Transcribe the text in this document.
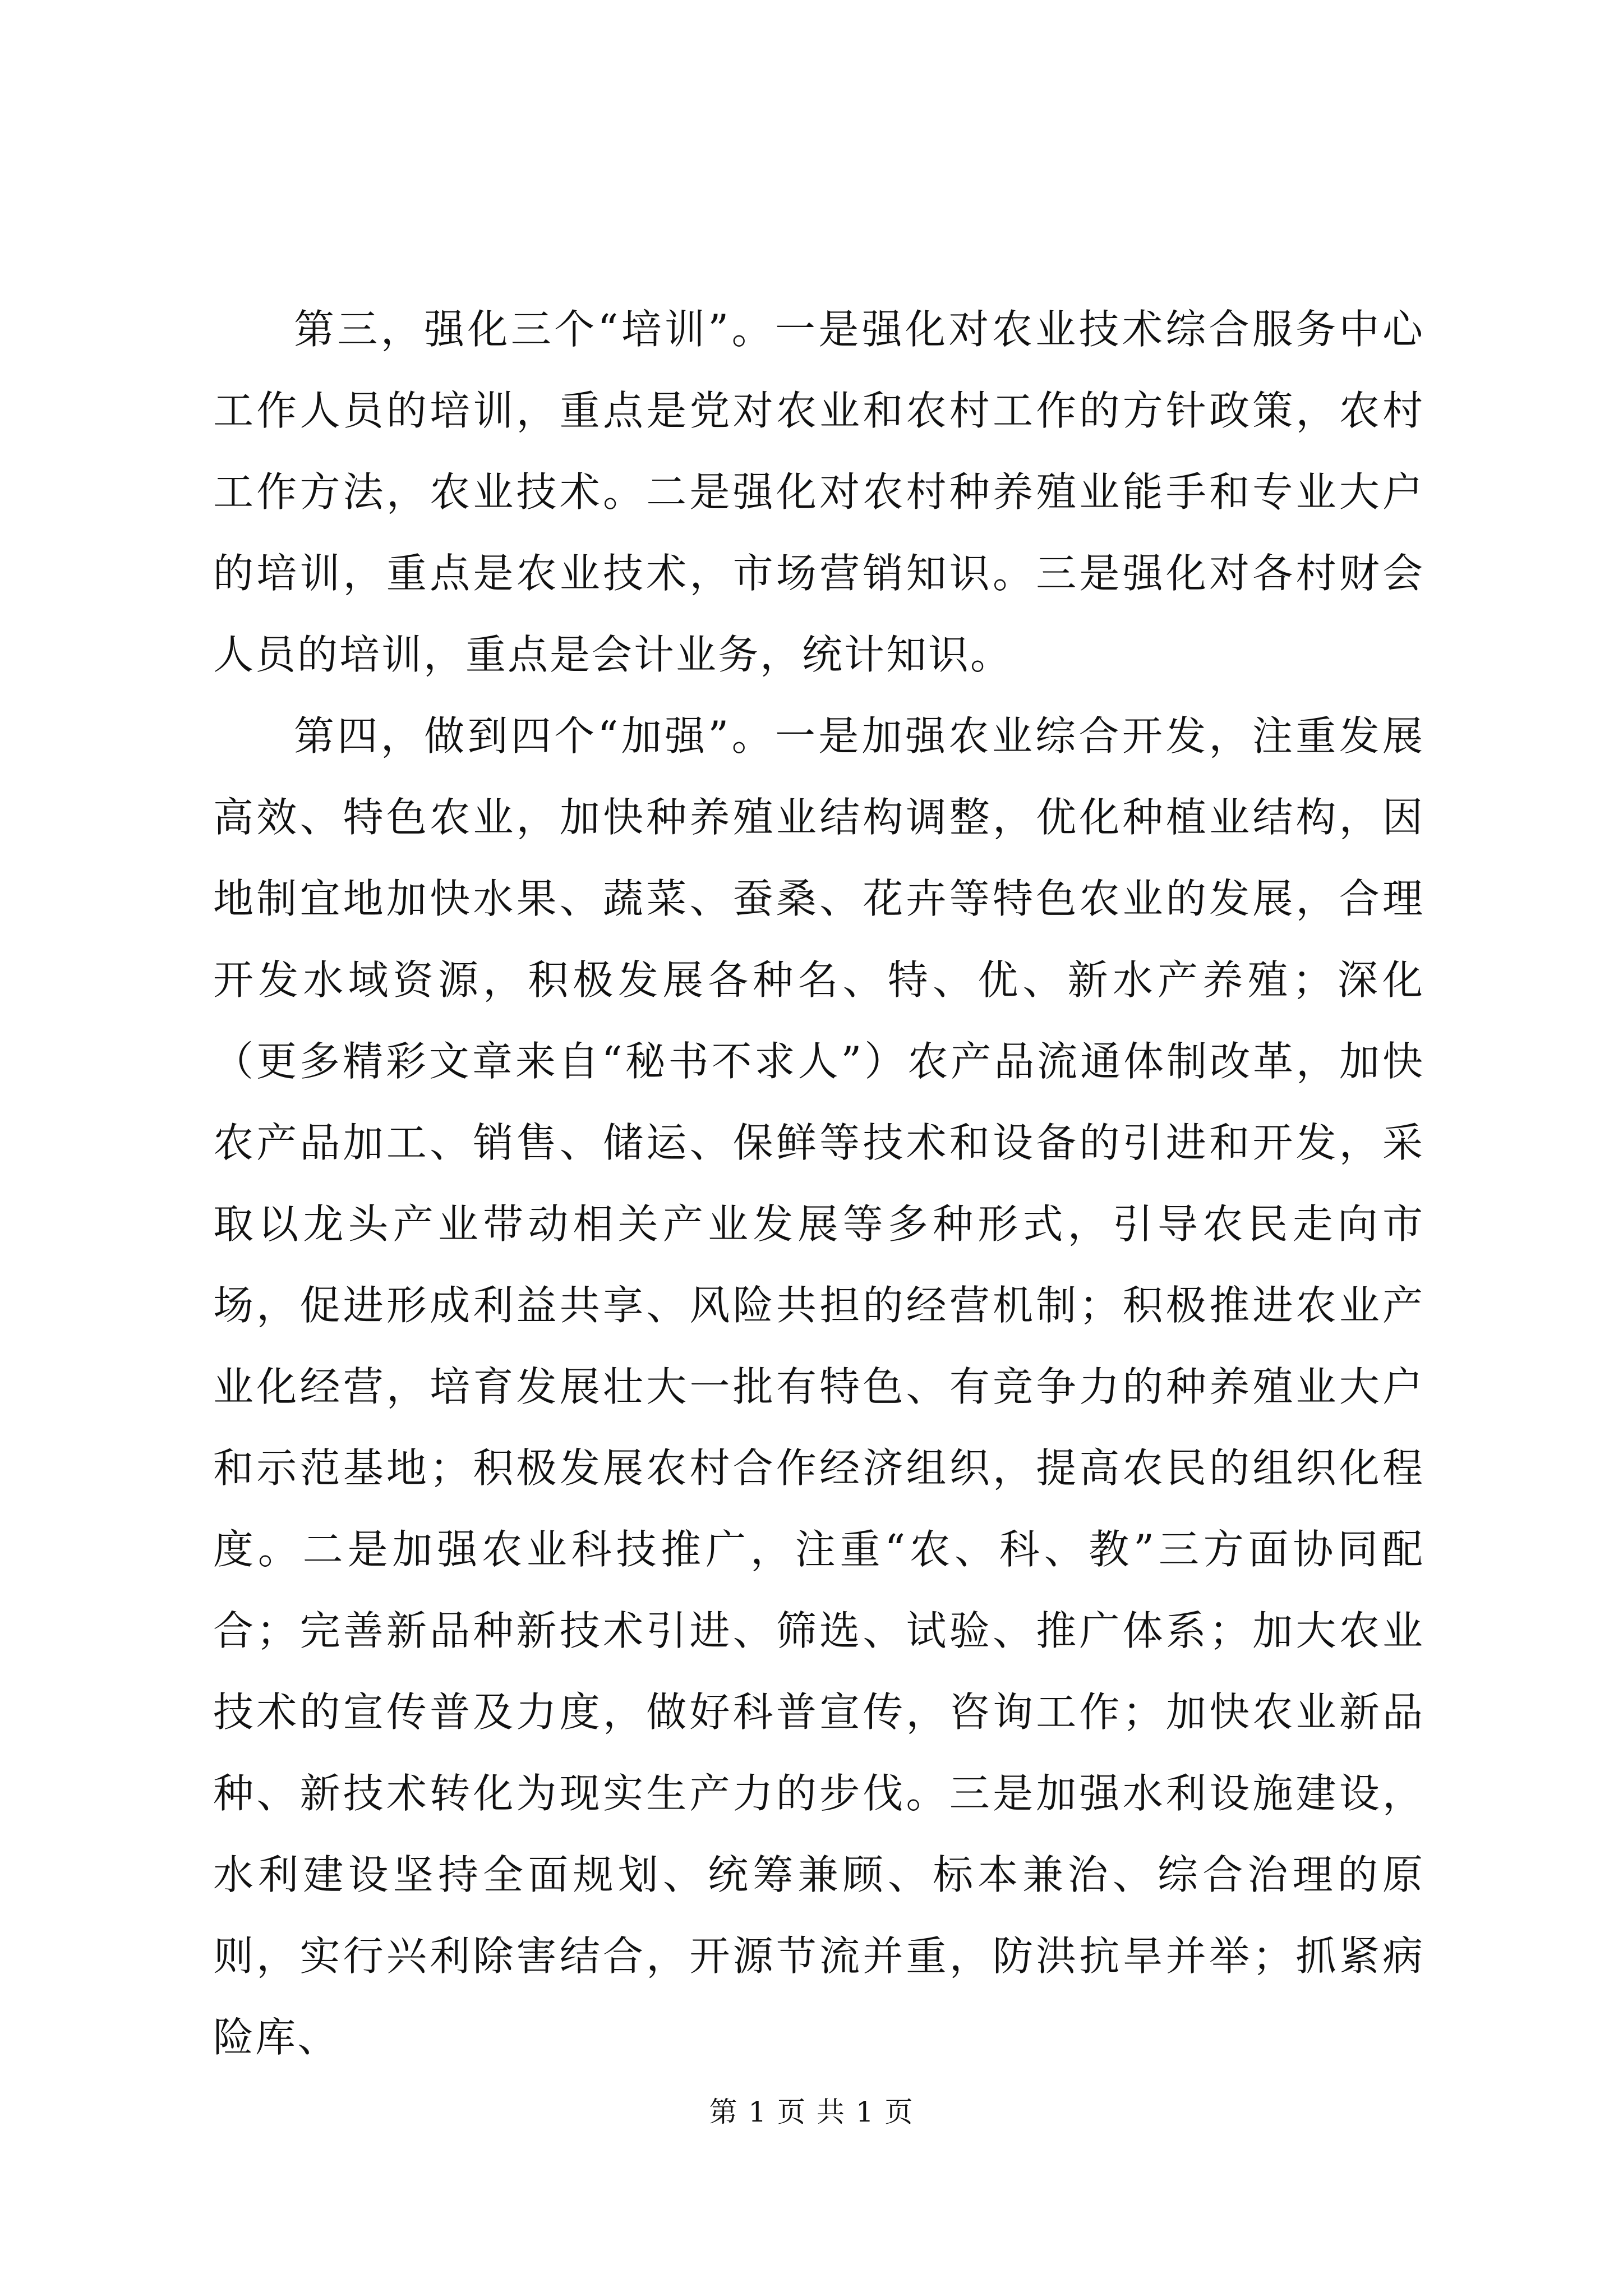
第三，强化三个“培训”。一是强化对农业技术综合服务中心工作人员的培训，重点是党对农业和农村工作的方针政策，农村工作方法，农业技术。二是强化对农村种养殖业能手和专业大户的培训，重点是农业技术，市场营销知识。三是强化对各村财会人员的培训，重点是会计业务，统计知识。

第四，做到四个“加强”。一是加强农业综合开发，注重发展高效、特色农业，加快种养殖业结构调整，优化种植业结构，因地制宜地加快水果、蔬菜、蚕桑、花卉等特色农业的发展，合理开发水域资源，积极发展各种名、特、优、新水产养殖；深化（更多精彩文章来自“秘书不求人”）农产品流通体制改革，加快农产品加工、销售、储运、保鲜等技术和设备的引进和开发，采取以龙头产业带动相关产业发展等多种形式，引导农民走向市场，促进形成利益共享、风险共担的经营机制；积极推进农业产业化经营，培育发展壮大一批有特色、有竞争力的种养殖业大户和示范基地；积极发展农村合作经济组织，提高农民的组织化程度。二是加强农业科技推广，注重“农、科、教”三方面协同配合；完善新品种新技术引进、筛选、试验、推广体系；加大农业技术的宣传普及力度，做好科普宣传，咨询工作；加快农业新品种、新技术转化为现实生产力的步伐。三是加强水利设施建设，水利建设坚持全面规划、统筹兼顾、标本兼治、综合治理的原则，实行兴利除害结合，开源节流并重，防洪抗旱并举；抓紧病险库、

第 1 页 共 1 页
